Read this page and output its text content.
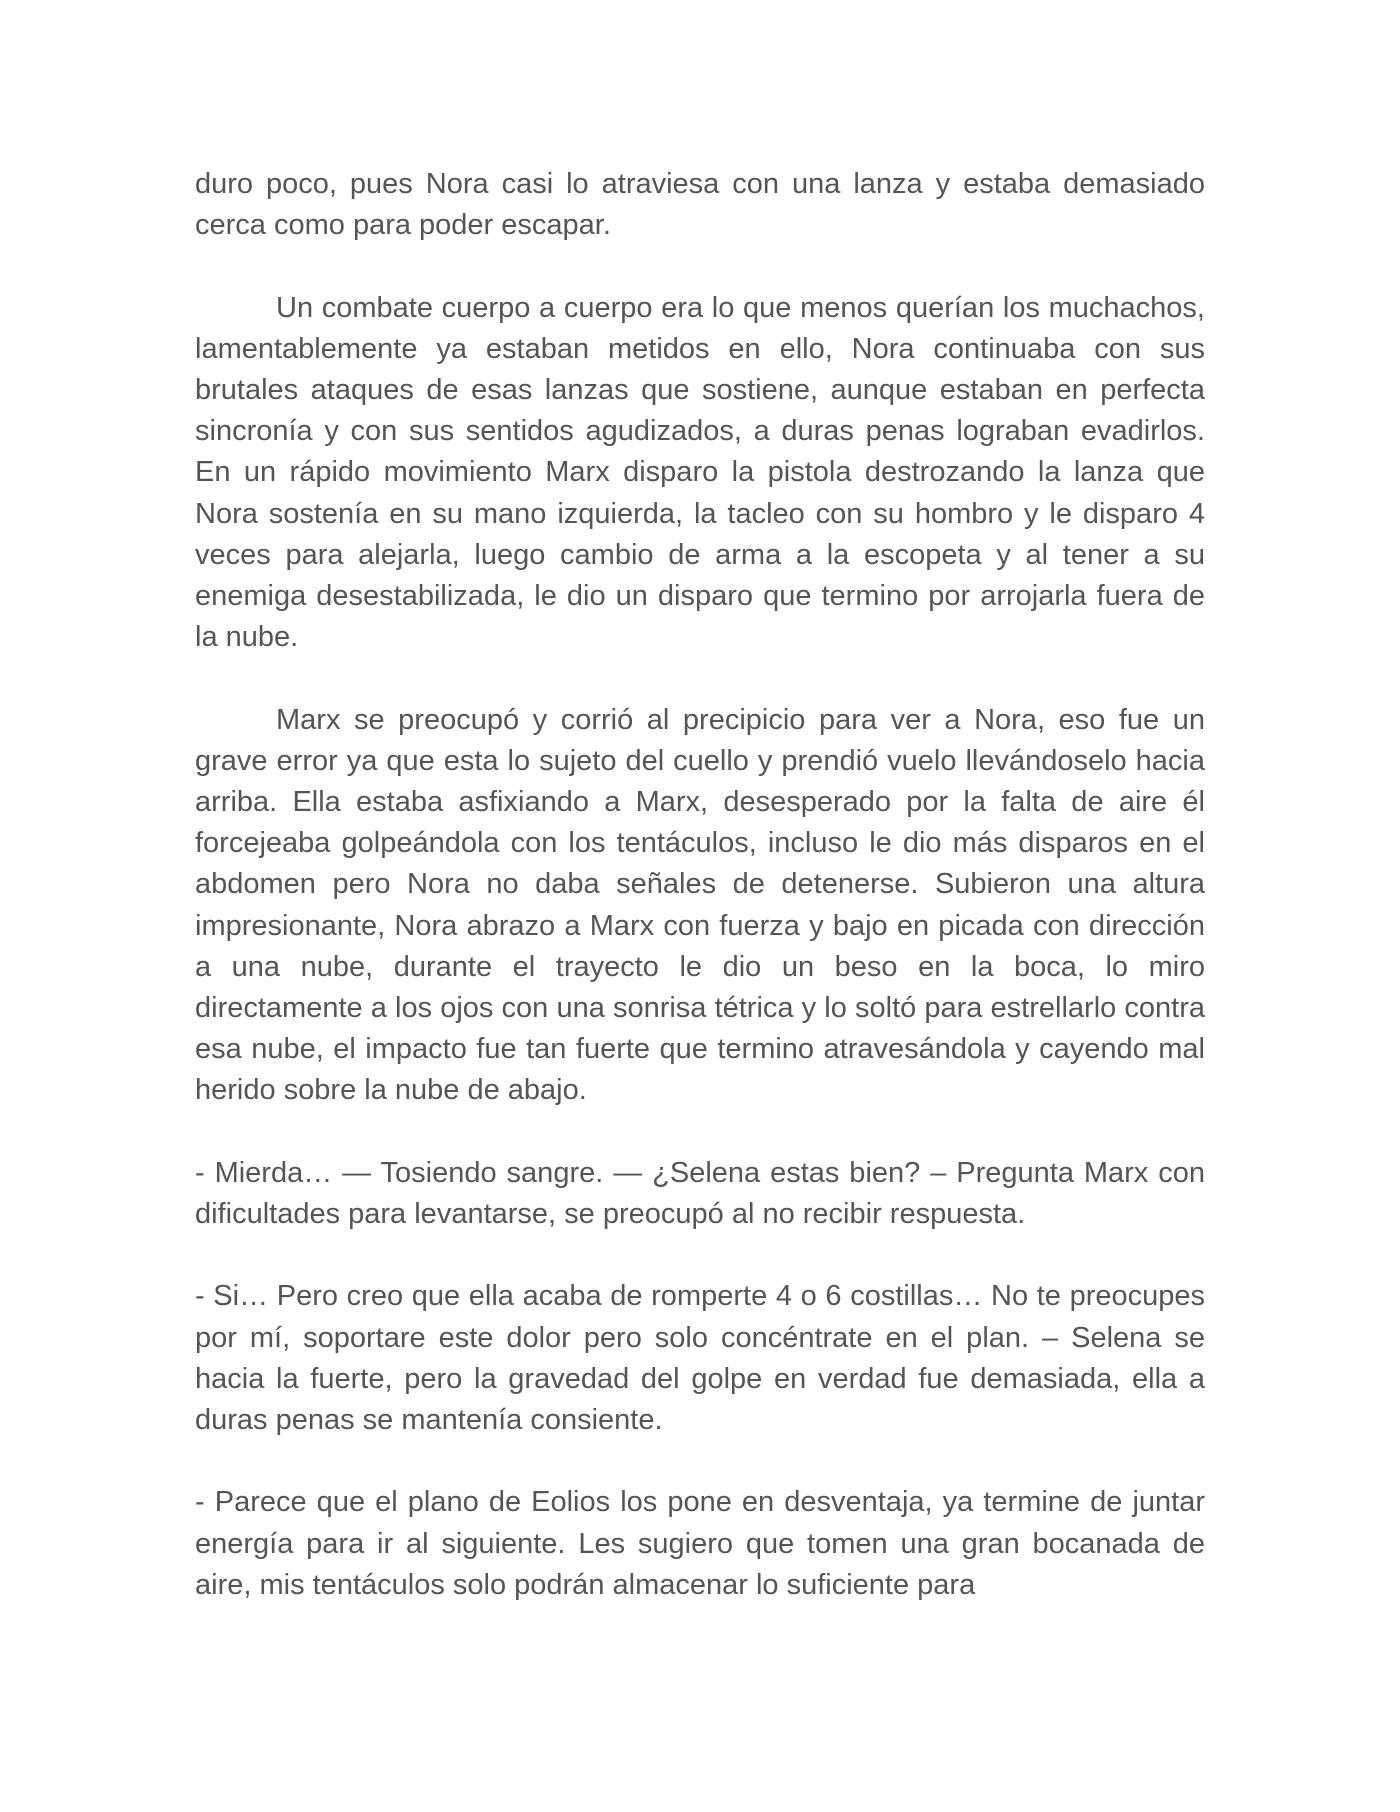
duro poco, pues Nora casi lo atraviesa con una lanza y estaba demasiado cerca como para poder escapar.

Un combate cuerpo a cuerpo era lo que menos querían los muchachos, lamentablemente ya estaban metidos en ello, Nora continuaba con sus brutales ataques de esas lanzas que sostiene, aunque estaban en perfecta sincronía y con sus sentidos agudizados, a duras penas lograban evadirlos. En un rápido movimiento Marx disparo la pistola destrozando la lanza que Nora sostenía en su mano izquierda, la tacleo con su hombro y le disparo 4 veces para alejarla, luego cambio de arma a la escopeta y al tener a su enemiga desestabilizada, le dio un disparo que termino por arrojarla fuera de la nube.

Marx se preocupó y corrió al precipicio para ver a Nora, eso fue un grave error ya que esta lo sujeto del cuello y prendió vuelo llevándoselo hacia arriba. Ella estaba asfixiando a Marx, desesperado por la falta de aire él forcejeaba golpeándola con los tentáculos, incluso le dio más disparos en el abdomen pero Nora no daba señales de detenerse. Subieron una altura impresionante, Nora abrazo a Marx con fuerza y bajo en picada con dirección a una nube, durante el trayecto le dio un beso en la boca, lo miro directamente a los ojos con una sonrisa tétrica y lo soltó para estrellarlo contra esa nube, el impacto fue tan fuerte que termino atravesándola y cayendo mal herido sobre la nube de abajo.

- Mierda… — Tosiendo sangre. — ¿Selena estas bien? – Pregunta Marx con dificultades para levantarse, se preocupó al no recibir respuesta.

- Si… Pero creo que ella acaba de romperte 4 o 6 costillas… No te preocupes por mí, soportare este dolor pero solo concéntrate en el plan. – Selena se hacia la fuerte, pero la gravedad del golpe en verdad fue demasiada, ella a duras penas se mantenía consiente.

- Parece que el plano de Eolios los pone en desventaja, ya termine de juntar energía para ir al siguiente. Les sugiero que tomen una gran bocanada de aire, mis tentáculos solo podrán almacenar lo suficiente para
